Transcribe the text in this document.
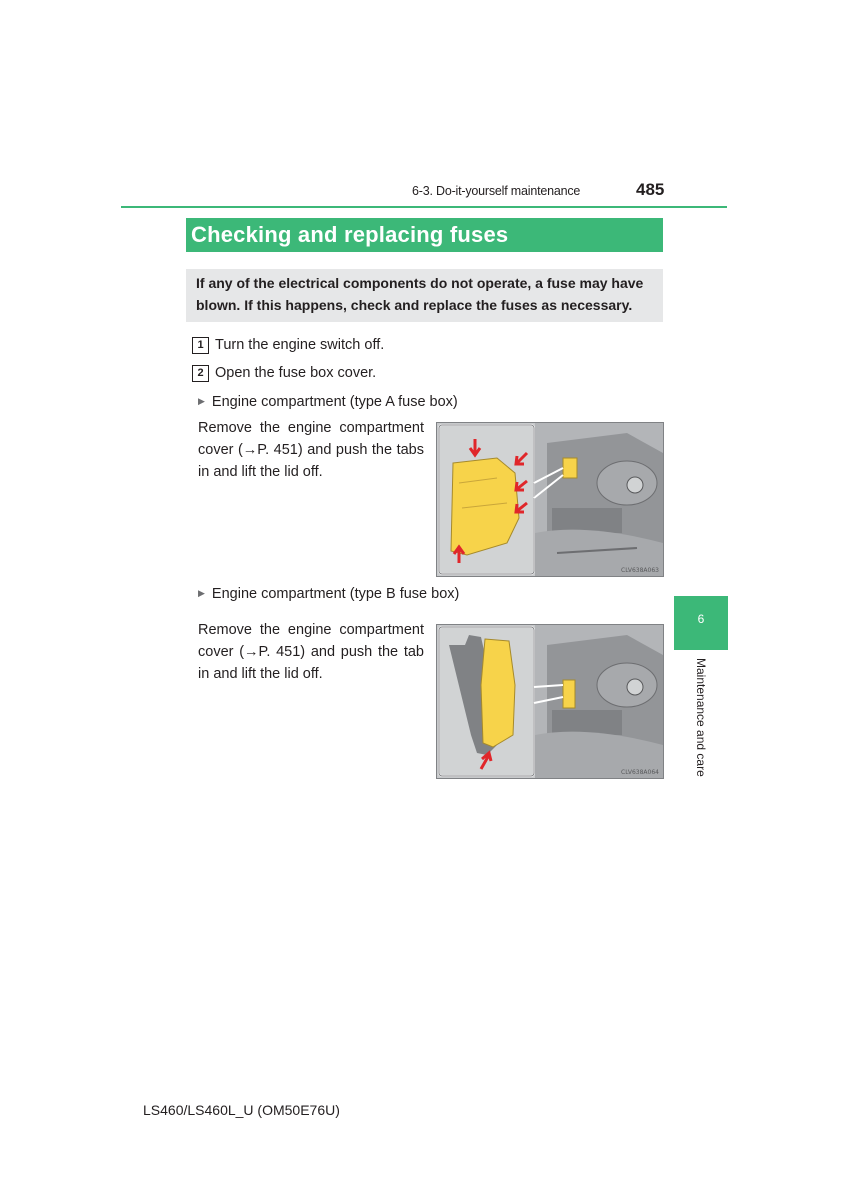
6-3. Do-it-yourself maintenance	485
Checking and replacing fuses
If any of the electrical components do not operate, a fuse may have blown. If this happens, check and replace the fuses as necessary.
1 Turn the engine switch off.
2 Open the fuse box cover.
▶ Engine compartment (type A fuse box)
Remove the engine compartment cover (→P. 451) and push the tabs in and lift the lid off.
CLV638A063
▶ Engine compartment (type B fuse box)
Remove the engine compartment cover (→P. 451) and push the tab in and lift the lid off.
CLV638A064
6
Maintenance and care
LS460/LS460L_U (OM50E76U)
